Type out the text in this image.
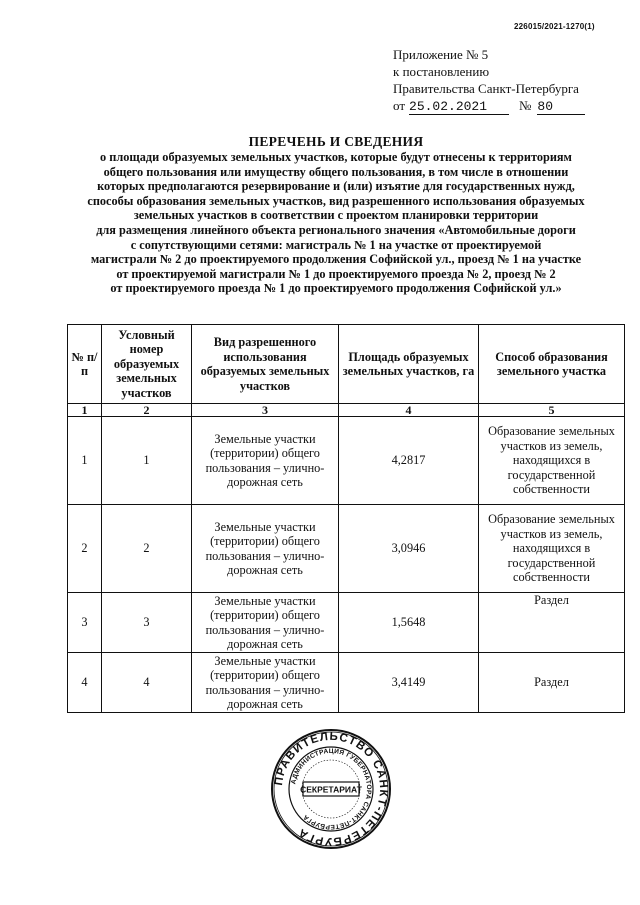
226015/2021-1270(1)
Приложение № 5
к постановлению
Правительства Санкт-Петербурга
от 25.02.2021	№ 80
ПЕРЕЧЕНЬ И СВЕДЕНИЯ
о площади образуемых земельных участков, которые будут отнесены к территориям
общего пользования или имуществу общего пользования, в том числе в отношении
которых предполагаются резервирование и (или) изъятие для государственных нужд,
способы образования земельных участков, вид разрешенного использования образуемых
земельных участков в соответствии с проектом планировки территории
для размещения линейного объекта регионального значения «Автомобильные дороги
с сопутствующими сетями: магистраль № 1 на участке от проектируемой
магистрали № 2 до проектируемого продолжения Софийской ул., проезд № 1 на участке
от проектируемой магистрали № 1 до проектируемого проезда № 2, проезд № 2
от проектируемого проезда № 1 до проектируемого продолжения Софийской ул.»
№ п/п	Условный номер образуемых земельных участков	Вид разрешенного использования образуемых земельных участков	Площадь образуемых земельных участков, га	Способ образования земельного участка
1	2	3	4	5
1	1	Земельные участки (территории) общего пользования – улично-дорожная сеть	4,2817	Образование земельных участков из земель, находящихся в государственной собственности
2	2	Земельные участки (территории) общего пользования – улично-дорожная сеть	3,0946	Образование земельных участков из земель, находящихся в государственной собственности
3	3	Земельные участки (территории) общего пользования – улично-дорожная сеть	1,5648	Раздел
4	4	Земельные участки (территории) общего пользования – улично-дорожная сеть	3,4149	Раздел
ПРАВИТЕЛЬСТВО САНКТ-ПЕТЕРБУРГА
АДМИНИСТРАЦИЯ ГУБЕРНАТОРА САНКТ-ПЕТЕРБУРГА
СЕКРЕТАРИАТ
